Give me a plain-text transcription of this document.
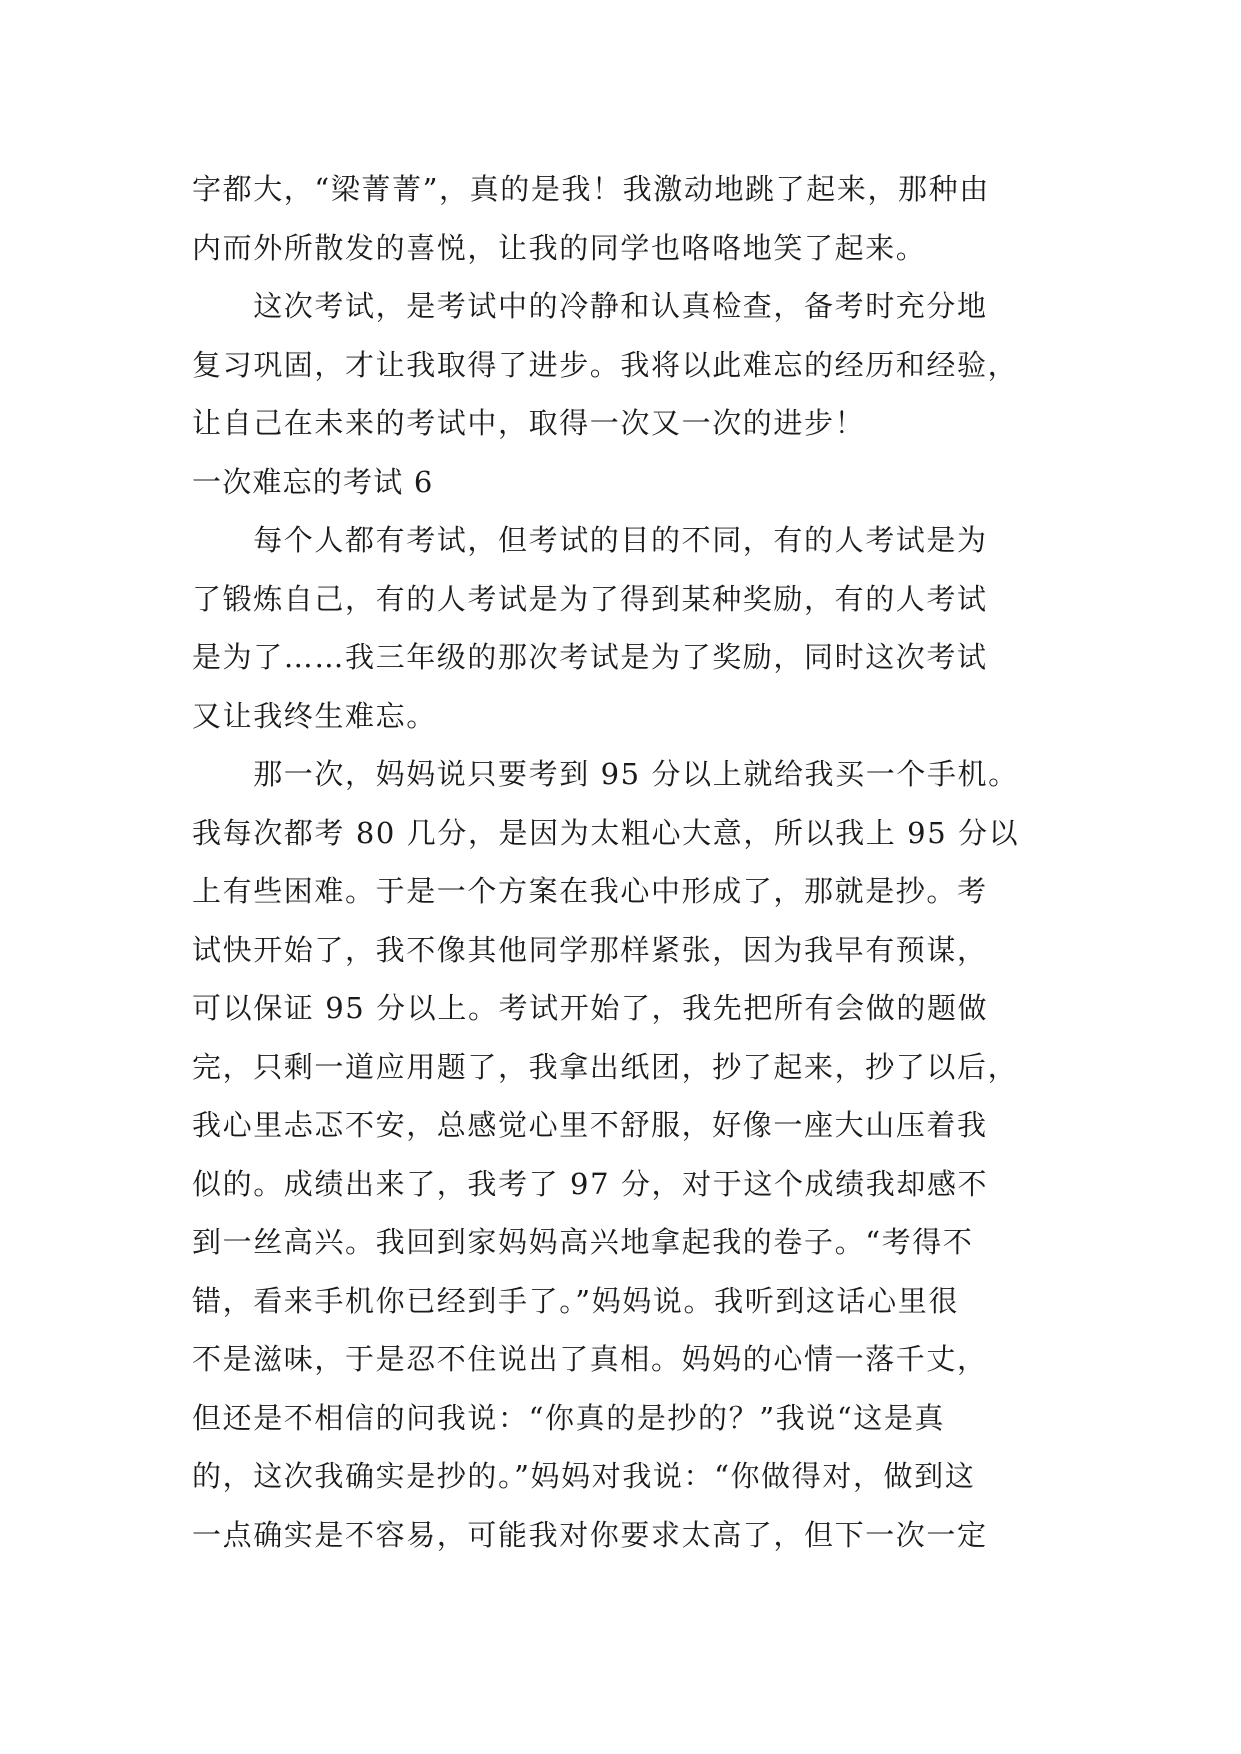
字都大，“梁菁菁”，真的是我！我激动地跳了起来，那种由
内而外所散发的喜悦，让我的同学也咯咯地笑了起来。
　　这次考试，是考试中的冷静和认真检查，备考时充分地
复习巩固，才让我取得了进步。我将以此难忘的经历和经验，
让自己在未来的考试中，取得一次又一次的进步！
一次难忘的考试 6
　　每个人都有考试，但考试的目的不同，有的人考试是为
了锻炼自己，有的人考试是为了得到某种奖励，有的人考试
是为了……我三年级的那次考试是为了奖励，同时这次考试
又让我终生难忘。
　　那一次，妈妈说只要考到 95 分以上就给我买一个手机。
我每次都考 80 几分，是因为太粗心大意，所以我上 95 分以
上有些困难。于是一个方案在我心中形成了，那就是抄。考
试快开始了，我不像其他同学那样紧张，因为我早有预谋，
可以保证 95 分以上。考试开始了，我先把所有会做的题做
完，只剩一道应用题了，我拿出纸团，抄了起来，抄了以后，
我心里忐忑不安，总感觉心里不舒服，好像一座大山压着我
似的。成绩出来了，我考了 97 分，对于这个成绩我却感不
到一丝高兴。我回到家妈妈高兴地拿起我的卷子。“考得不
错，看来手机你已经到手了。”妈妈说。我听到这话心里很
不是滋味，于是忍不住说出了真相。妈妈的心情一落千丈，
但还是不相信的问我说：“你真的是抄的？”我说“这是真
的，这次我确实是抄的。”妈妈对我说：“你做得对，做到这
一点确实是不容易，可能我对你要求太高了，但下一次一定
